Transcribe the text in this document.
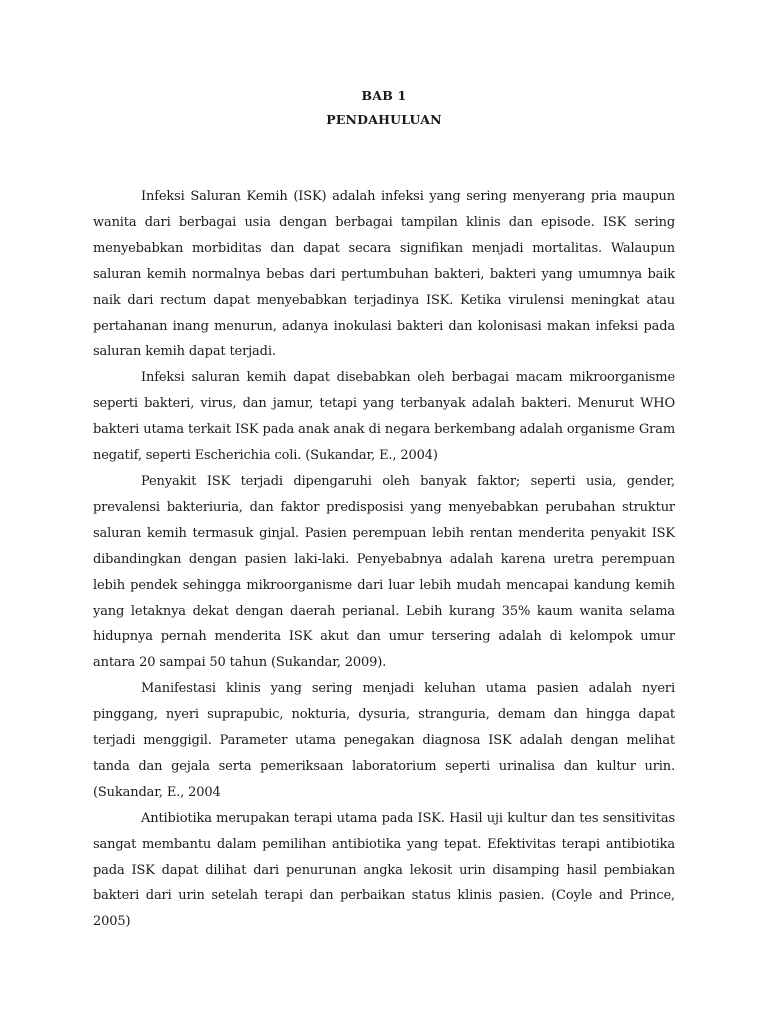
BAB 1
PENDAHULUAN

Infeksi Saluran Kemih (ISK) adalah infeksi yang sering menyerang pria maupun wanita dari berbagai usia dengan berbagai tampilan klinis dan episode. ISK sering menyebabkan morbiditas dan dapat secara signifikan menjadi mortalitas. Walaupun saluran kemih normalnya bebas dari pertumbuhan bakteri, bakteri yang umumnya baik naik dari rectum dapat menyebabkan terjadinya ISK. Ketika virulensi meningkat atau pertahanan inang menurun, adanya inokulasi bakteri dan kolonisasi makan infeksi pada saluran kemih dapat terjadi.

Infeksi saluran kemih dapat disebabkan oleh berbagai macam mikroorganisme seperti bakteri, virus, dan jamur, tetapi yang terbanyak adalah bakteri. Menurut WHO bakteri utama terkait ISK pada anak anak di negara berkembang adalah organisme Gram negatif, seperti Escherichia coli. (Sukandar, E., 2004)

Penyakit ISK terjadi dipengaruhi oleh banyak faktor; seperti usia, gender, prevalensi bakteriuria, dan faktor predisposisi yang menyebabkan perubahan struktur saluran kemih termasuk ginjal. Pasien perempuan lebih rentan menderita penyakit ISK dibandingkan dengan pasien laki-laki. Penyebabnya adalah karena uretra perempuan lebih pendek sehingga mikroorganisme dari luar lebih mudah mencapai kandung kemih yang letaknya dekat dengan daerah perianal. Lebih kurang 35% kaum wanita selama hidupnya pernah menderita ISK akut dan umur tersering adalah di kelompok umur antara 20 sampai 50 tahun (Sukandar, 2009).

Manifestasi klinis yang sering menjadi keluhan utama pasien adalah nyeri pinggang, nyeri suprapubic, nokturia, dysuria, stranguria, demam dan hingga dapat terjadi menggigil. Parameter utama penegakan diagnosa ISK adalah dengan melihat tanda dan gejala serta pemeriksaan laboratorium seperti urinalisa dan kultur urin. (Sukandar, E., 2004

Antibiotika merupakan terapi utama pada ISK. Hasil uji kultur dan tes sensitivitas sangat membantu dalam pemilihan antibiotika yang tepat. Efektivitas terapi antibiotika pada ISK dapat dilihat dari penurunan angka lekosit urin disamping hasil pembiakan bakteri dari urin setelah terapi dan perbaikan status klinis pasien. (Coyle and Prince, 2005)
